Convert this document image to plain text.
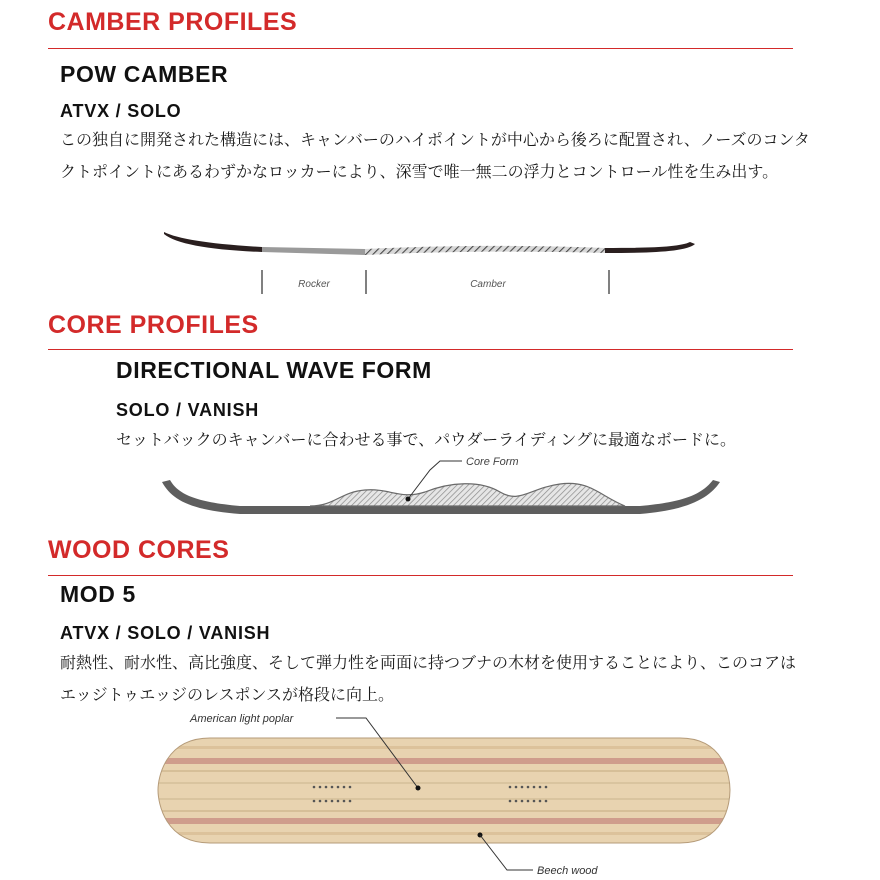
CAMBER PROFILES
POW CAMBER
ATVX / SOLO

この独自に開発された構造には、キャンバーのハイポイントが中心から後ろに配置され、ノーズのコンタクトポイントにあるわずかなロッカーにより、深雪で唯一無二の浮力とコントロール性を生み出す。

Rocker	Camber
CORE PROFILES
DIRECTIONAL WAVE FORM
SOLO / VANISH

セットバックのキャンバーに合わせる事で、パウダーライディングに最適なボードに。

Core Form
WOOD CORES
MOD 5
ATVX / SOLO / VANISH

耐熱性、耐水性、高比強度、そして弾力性を両面に持つブナの木材を使用することにより、このコアはエッジトゥエッジのレスポンスが格段に向上。

American light poplar
Beech wood
